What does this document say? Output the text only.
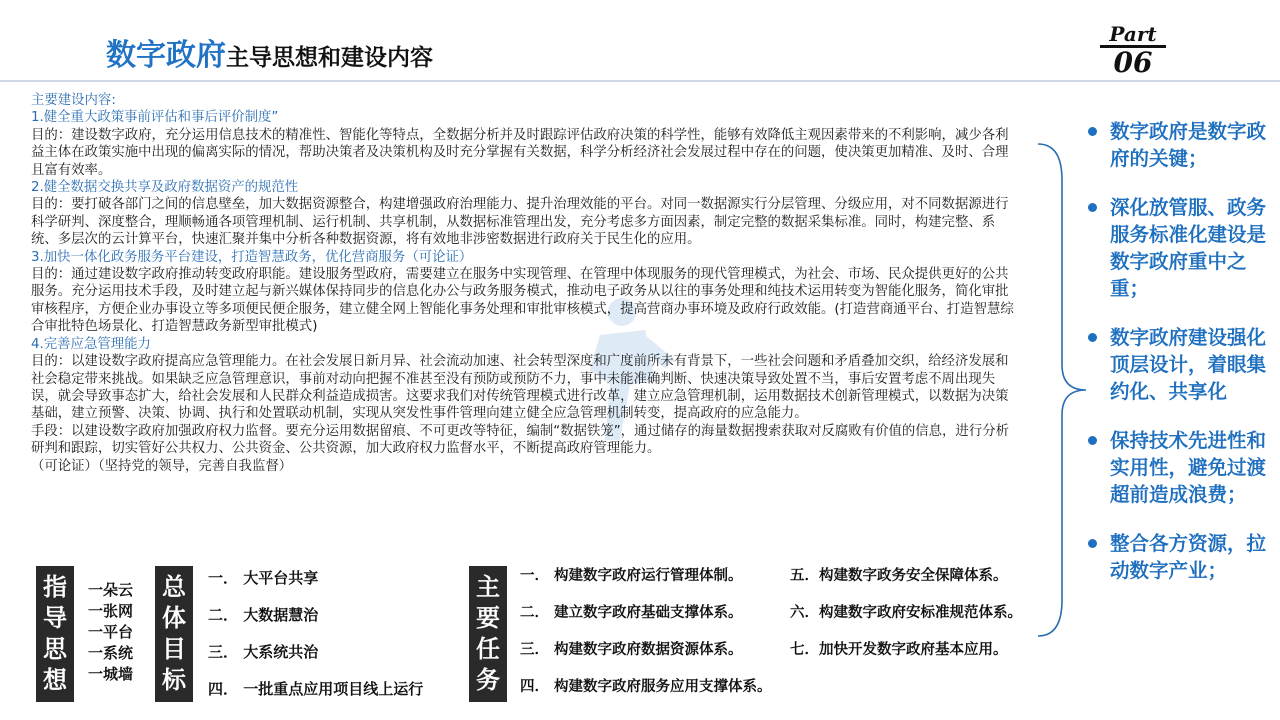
数字政府主导思想和建设内容
Part
06

主要建设内容:

1.健全重大政策事前评估和事后评价制度”

目的：建设数字政府，充分运用信息技术的精准性、智能化等特点，全数据分析并及时跟踪评估政府决策的科学性，能够有效降低主观因素带来的不利影响，减少各利益主体在政策实施中出现的偏离实际的情况，帮助决策者及决策机构及时充分掌握有关数据，科学分析经济社会发展过程中存在的问题，使决策更加精准、及时、合理且富有效率。

2.健全数据交换共享及政府数据资产的规范性

目的：要打破各部门之间的信息壁垒，加大数据资源整合，构建增强政府治理能力、提升治理效能的平台。对同一数据源实行分层管理、分级应用，对不同数据源进行科学研判、深度整合，理顺畅通各项管理机制、运行机制、共享机制，从数据标准管理出发，充分考虑多方面因素，制定完整的数据采集标准。同时，构建完整、系统、多层次的云计算平台，快速汇聚并集中分析各种数据资源，将有效地非涉密数据进行政府关于民生化的应用。

3.加快一体化政务服务平台建设，打造智慧政务，优化营商服务（可论证）

目的：通过建设数字政府推动转变政府职能。建设服务型政府，需要建立在服务中实现管理、在管理中体现服务的现代管理模式，为社会、市场、民众提供更好的公共服务。充分运用技术手段，及时建立起与新兴媒体保持同步的信息化办公与政务服务模式，推动电子政务从以往的事务处理和纯技术运用转变为智能化服务，简化审批审核程序，方便企业办事设立等多项便民便企服务，建立健全网上智能化事务处理和审批审核模式，提高营商办事环境及政府行政效能。(打造营商通平台、打造智慧综合审批特色场景化、打造智慧政务新型审批模式)

4.完善应急管理能力

目的：以建设数字政府提高应急管理能力。在社会发展日新月异、社会流动加速、社会转型深度和广度前所未有背景下，一些社会问题和矛盾叠加交织，给经济发展和社会稳定带来挑战。如果缺乏应急管理意识，事前对动向把握不准甚至没有预防或预防不力，事中未能准确判断、快速决策导致处置不当，事后安置考虑不周出现失误，就会导致事态扩大，给社会发展和人民群众利益造成损害。这要求我们对传统管理模式进行改革，建立应急管理机制，运用数据技术创新管理模式，以数据为决策基础，建立预警、决策、协调、执行和处置联动机制，实现从突发性事件管理向建立健全应急管理机制转变，提高政府的应急能力。

手段：以建设数字政府加强政府权力监督。要充分运用数据留痕、不可更改等特征，编制“数据铁笼”，通过储存的海量数据搜索获取对反腐败有价值的信息，进行分析研判和跟踪，切实管好公共权力、公共资金、公共资源，加大政府权力监督水平，不断提高政府管理能力。

（可论证）（坚持党的领导，完善自我监督）

数字政府是数字政府的关键；
深化放管服、政务服务标准化建设是数字政府重中之重；
数字政府建设强化顶层设计，着眼集约化、共享化
保持技术先进性和实用性，避免过渡超前造成浪费；
整合各方资源，拉动数字产业；
指导思想
一朵云
一张网
一平台
一系统
一城墙
总体目标
一． 大平台共享
二． 大数据慧治
三． 大系统共治
四． 一批重点应用项目线上运行
主要任务
一． 构建数字政府运行管理体制。
二． 建立数字政府基础支撑体系。
三． 构建数字政府数据资源体系。
四． 构建数字政府服务应用支撑体系。
五．构建数字政务安全保障体系。
六．构建数字政府安标准规范体系。
七．加快开发数字政府基本应用。
